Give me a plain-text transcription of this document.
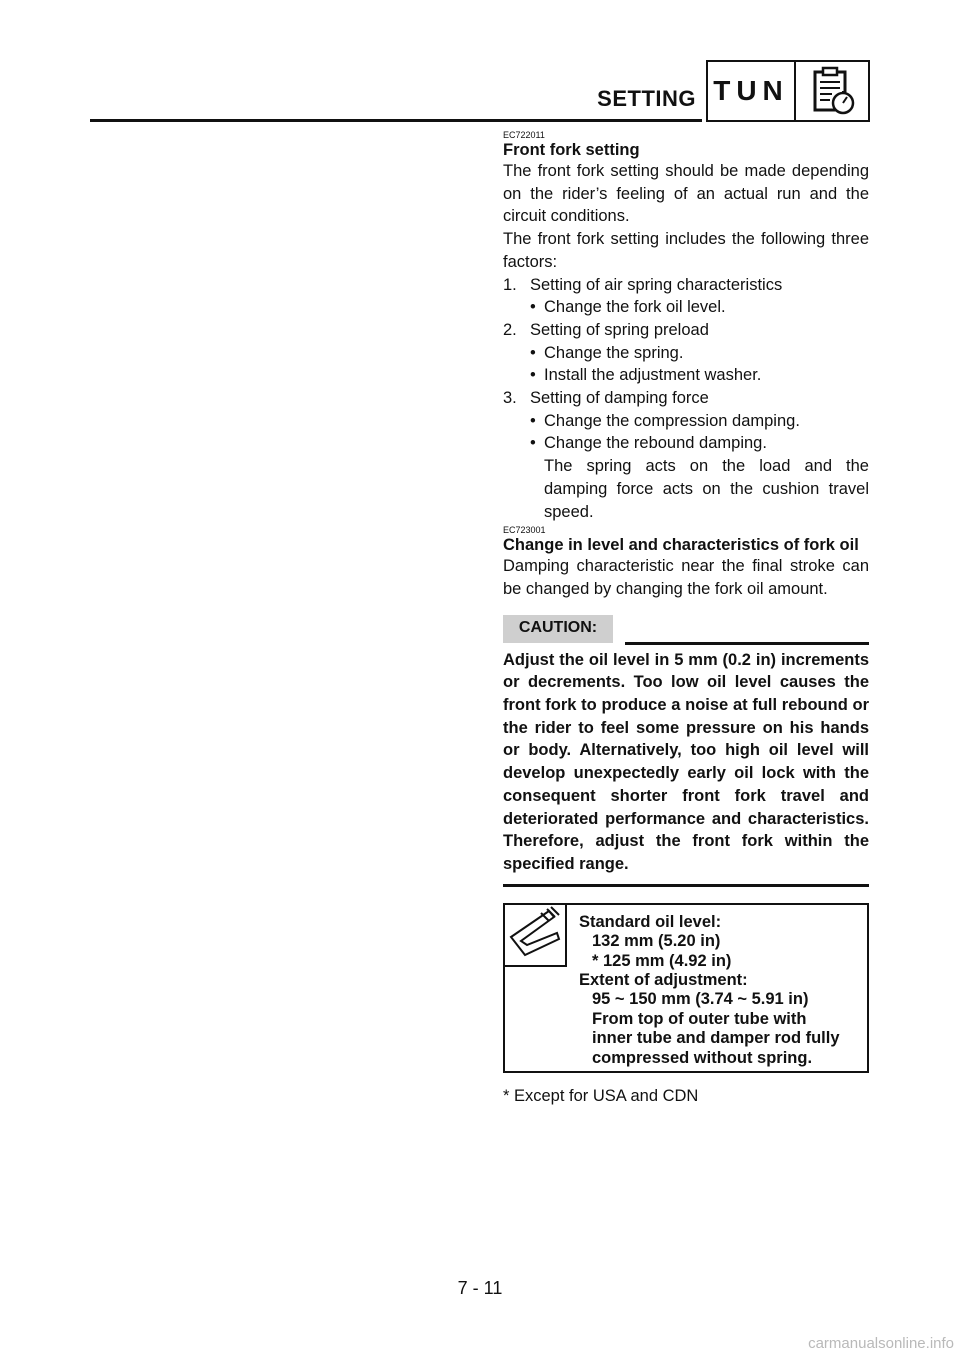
SETTING TUN
EC722011
Front fork setting
The front fork setting should be made depending on the rider’s feeling of an actual run and the circuit conditions.
The front fork setting includes the following three factors:
1. Setting of air spring characteristics
• Change the fork oil level.
2. Setting of spring preload
• Change the spring.
• Install the adjustment washer.
3. Setting of damping force
• Change the compression damping.
• Change the rebound damping.
The spring acts on the load and the damping force acts on the cushion travel speed.
EC723001
Change in level and characteristics of fork oil
Damping characteristic near the final stroke can be changed by changing the fork oil amount.
CAUTION:
Adjust the oil level in 5 mm (0.2 in) increments or decrements. Too low oil level causes the front fork to produce a noise at full rebound or the rider to feel some pressure on his hands or body. Alternatively, too high oil level will develop unexpectedly early oil lock with the consequent shorter front fork travel and deteriorated performance and characteristics. Therefore, adjust the front fork within the specified range.
Standard oil level:
132 mm (5.20 in)
* 125 mm (4.92 in)
Extent of adjustment:
95 ~ 150 mm (3.74 ~ 5.91 in)
From top of outer tube with
inner tube and damper rod fully
compressed without spring.
* Except for USA and CDN
7 - 11
carmanualsonline.info
